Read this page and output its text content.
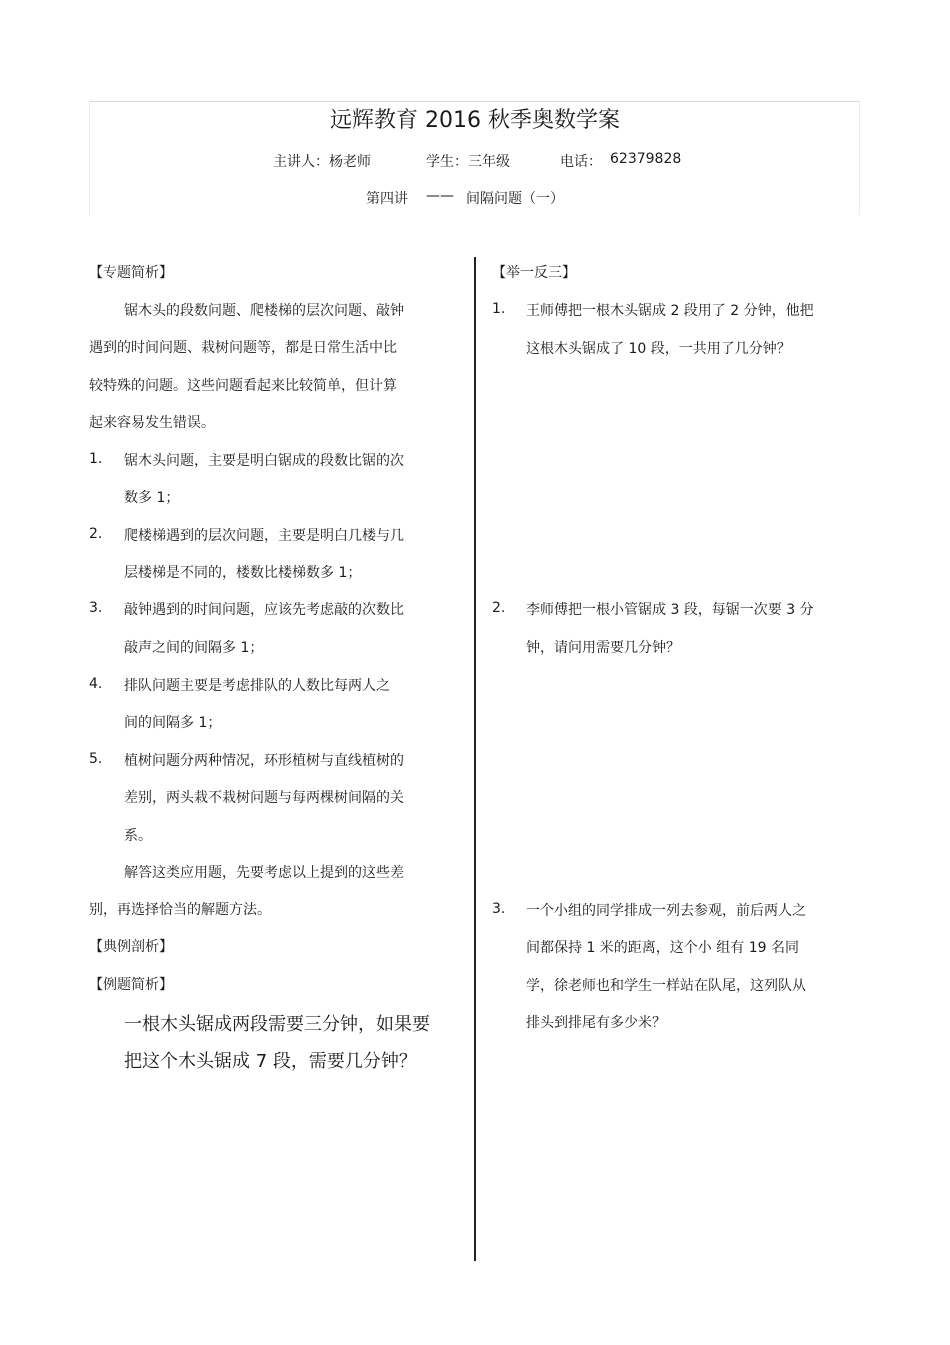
远辉教育 2016 秋季奥数学案
主讲人：杨老师	学生：三年级	电话： 62379828
第四讲 —— 间隔问题（一）
【专题简析】
锯木头的段数问题、爬楼梯的层次问题、敲钟
遇到的时间问题、栽树问题等，都是日常生活中比
较特殊的问题。这些问题看起来比较简单，但计算
起来容易发生错误。
1. 锯木头问题，主要是明白锯成的段数比锯的次
数多 1；
2. 爬楼梯遇到的层次问题，主要是明白几楼与几
层楼梯是不同的，楼数比楼梯数多 1；
3. 敲钟遇到的时间问题，应该先考虑敲的次数比
敲声之间的间隔多 1；
4. 排队问题主要是考虑排队的人数比每两人之
间的间隔多 1；
5. 植树问题分两种情况，环形植树与直线植树的
差别，两头栽不栽树问题与每两棵树间隔的关
系。
解答这类应用题，先要考虑以上提到的这些差
别，再选择恰当的解题方法。
【典例剖析】
【例题简析】
一根木头锯成两段需要三分钟，如果要
把这个木头锯成 7 段，需要几分钟？
【举一反三】
1. 王师傅把一根木头锯成 2 段用了 2 分钟，他把
这根木头锯成了 10 段，一共用了几分钟？
2. 李师傅把一根小管锯成 3 段，每锯一次要 3 分
钟，请问用需要几分钟？
3. 一个小组的同学排成一列去参观，前后两人之
间都保持 1 米的距离，这个小 组有 19 名同
学，徐老师也和学生一样站在队尾，这列队从
排头到排尾有多少米？
